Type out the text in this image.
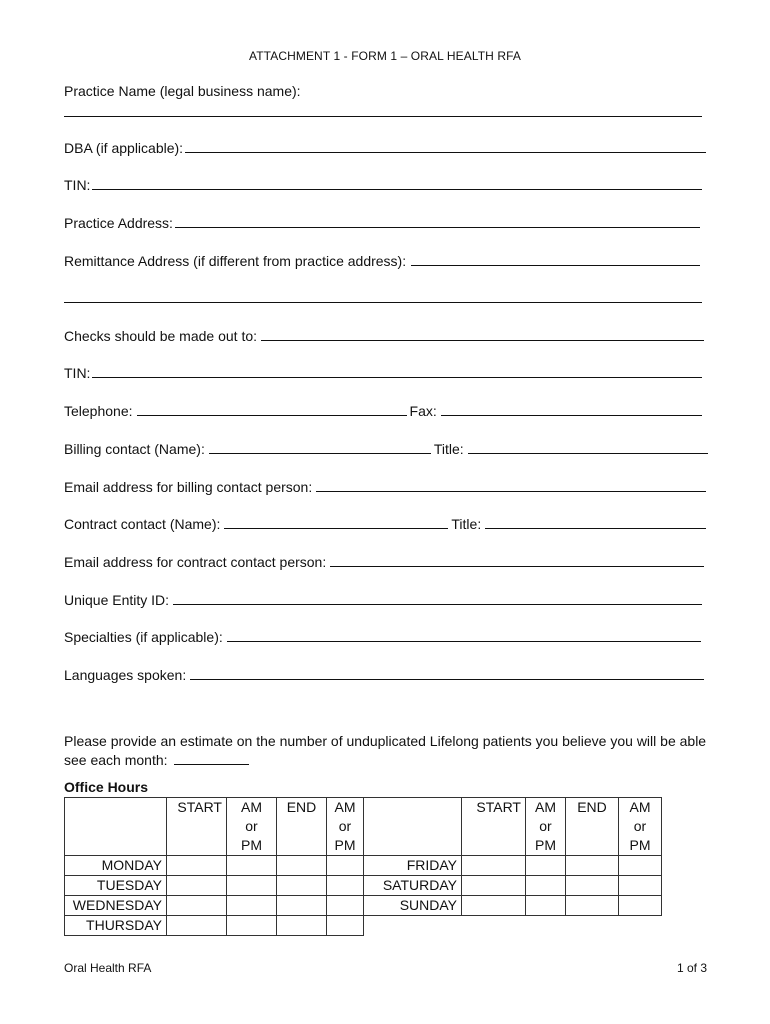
ATTACHMENT 1 - FORM 1 – ORAL HEALTH RFA
Practice Name (legal business name):
DBA (if applicable):
TIN:
Practice Address:
Remittance Address (if different from practice address):
Checks should be made out to:
TIN:
Telephone:	Fax:
Billing contact (Name):	Title:
Email address for billing contact person:
Contract contact (Name):	Title:
Email address for contract contact person:
Unique Entity ID:
Specialties (if applicable):
Languages spoken:
Please provide an estimate on the number of unduplicated Lifelong patients you believe you will be able see each month:
Office Hours
	START	AM
or
PM	END	AM
or
PM		START	AM
or
PM	END	AM
or
PM
MONDAY					FRIDAY				
TUESDAY					SATURDAY				
WEDNESDAY					SUNDAY				
THURSDAY									
Oral Health RFA	1 of 3
